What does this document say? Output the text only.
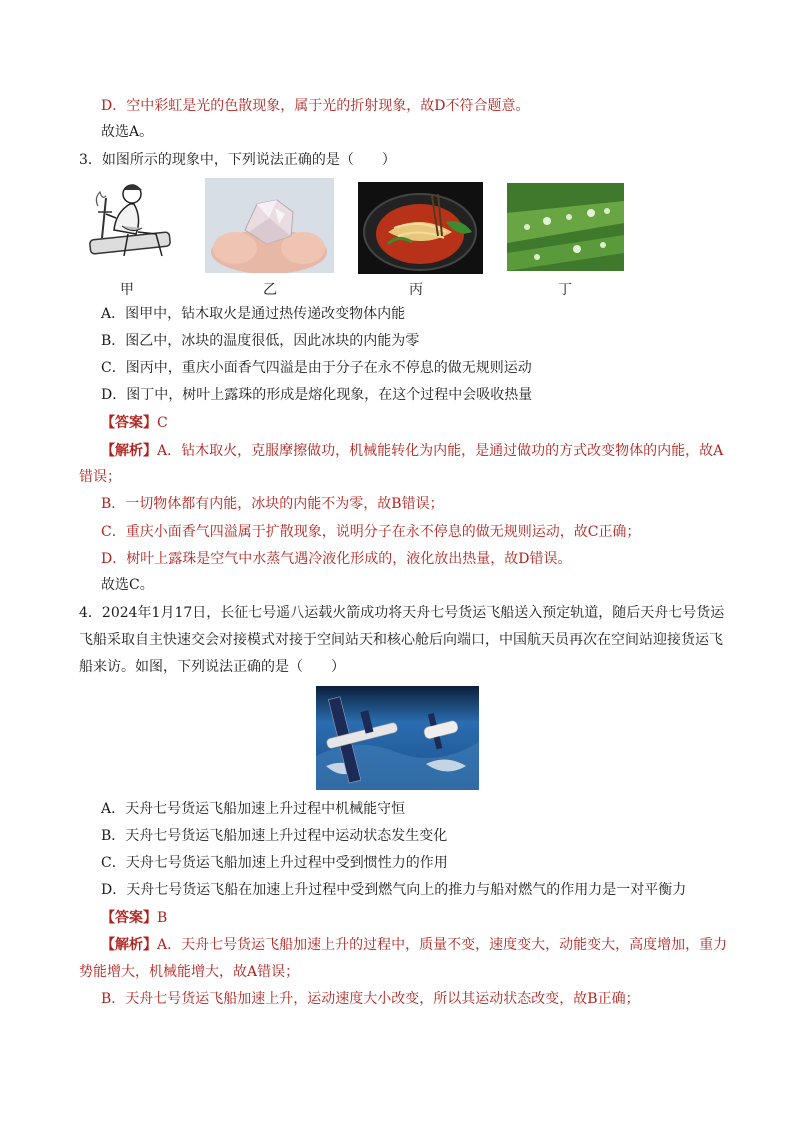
D．空中彩虹是光的色散现象，属于光的折射现象，故D不符合题意。
故选A。
3．如图所示的现象中，下列说法正确的是（　　）
甲	乙	丙	丁
A．图甲中，钻木取火是通过热传递改变物体内能
B．图乙中，冰块的温度很低，因此冰块的内能为零
C．图丙中，重庆小面香气四溢是由于分子在永不停息的做无规则运动
D．图丁中，树叶上露珠的形成是熔化现象，在这个过程中会吸收热量
【答案】C
【解析】A．钻木取火，克服摩擦做功，机械能转化为内能，是通过做功的方式改变物体的内能，故A
错误；
B．一切物体都有内能，冰块的内能不为零，故B错误；
C．重庆小面香气四溢属于扩散现象，说明分子在永不停息的做无规则运动，故C正确；
D．树叶上露珠是空气中水蒸气遇冷液化形成的，液化放出热量，故D错误。
故选C。
4．2024年1月17日，长征七号遥八运载火箭成功将天舟七号货运飞船送入预定轨道，随后天舟七号货运
飞船采取自主快速交会对接模式对接于空间站天和核心舱后向端口，中国航天员再次在空间站迎接货运飞
船来访。如图，下列说法正确的是（　　）
A．天舟七号货运飞船加速上升过程中机械能守恒
B．天舟七号货运飞船加速上升过程中运动状态发生变化
C．天舟七号货运飞船加速上升过程中受到惯性力的作用
D．天舟七号货运飞船在加速上升过程中受到燃气向上的推力与船对燃气的作用力是一对平衡力
【答案】B
【解析】A．天舟七号货运飞船加速上升的过程中，质量不变，速度变大，动能变大，高度增加，重力
势能增大，机械能增大，故A错误；
B．天舟七号货运飞船加速上升，运动速度大小改变，所以其运动状态改变，故B正确；
